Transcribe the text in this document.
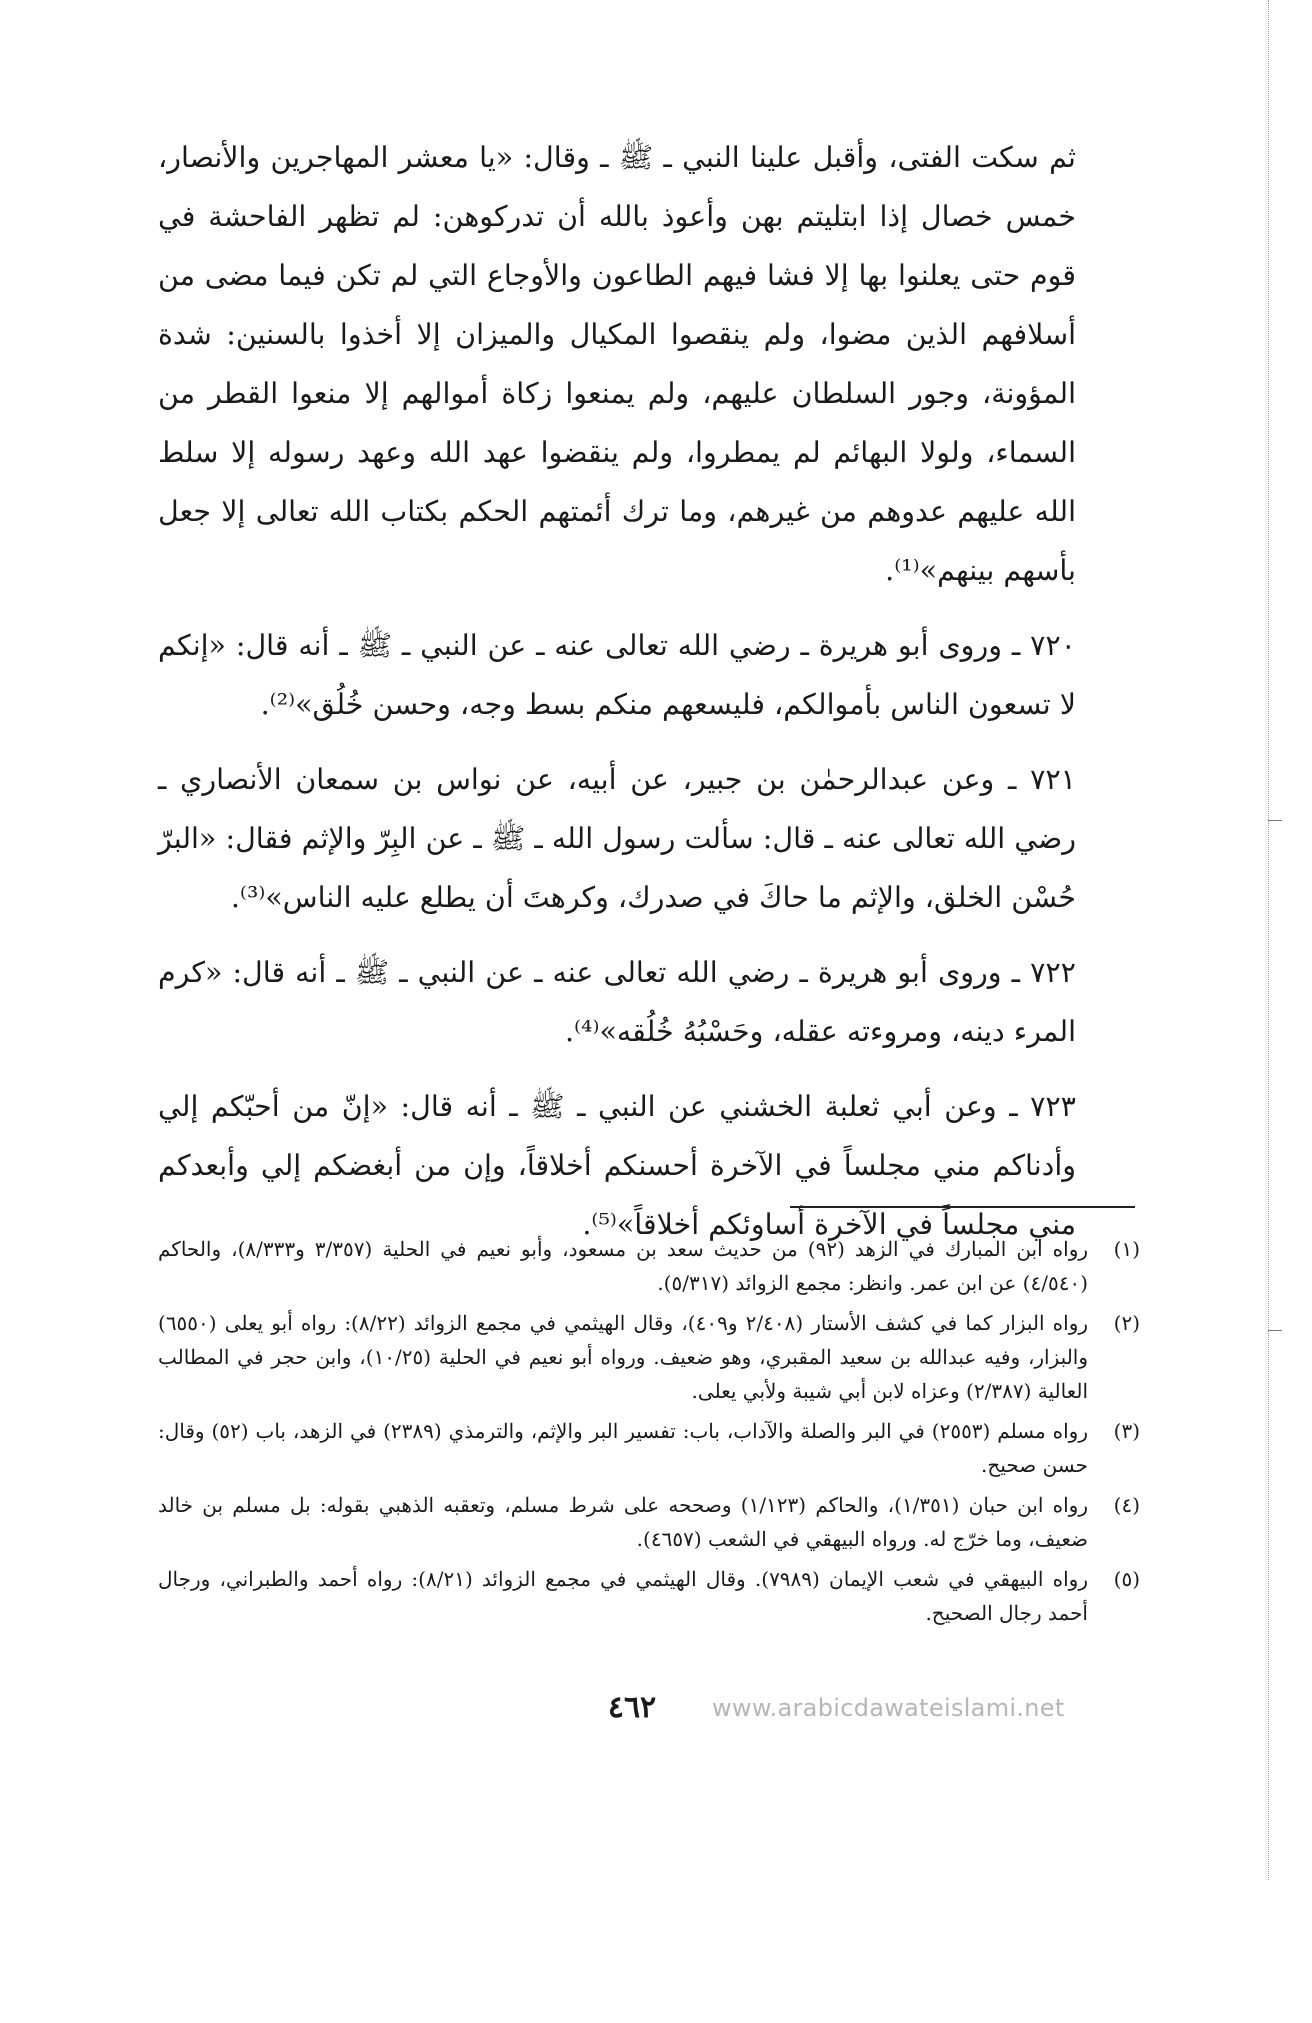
ثم سكت الفتى، وأقبل علينا النبي ـ ﷺ ـ وقال: «يا معشر المهاجرين والأنصار، خمس خصال إذا ابتليتم بهن وأعوذ بالله أن تدركوهن: لم تظهر الفاحشة في قوم حتى يعلنوا بها إلا فشا فيهم الطاعون والأوجاع التي لم تكن فيما مضى من أسلافهم الذين مضوا، ولم ينقصوا المكيال والميزان إلا أخذوا بالسنين: شدة المؤونة، وجور السلطان عليهم، ولم يمنعوا زكاة أموالهم إلا منعوا القطر من السماء، ولولا البهائم لم يمطروا، ولم ينقضوا عهد الله وعهد رسوله إلا سلط الله عليهم عدوهم من غيرهم، وما ترك أئمتهم الحكم بكتاب الله تعالى إلا جعل بأسهم بينهم»⁽¹⁾.

٧٢٠ ـ وروى أبو هريرة ـ رضي الله تعالى عنه ـ عن النبي ـ ﷺ ـ أنه قال: «إنكم لا تسعون الناس بأموالكم، فليسعهم منكم بسط وجه، وحسن خُلُق»⁽²⁾.

٧٢١ ـ وعن عبدالرحمٰن بن جبير، عن أبيه، عن نواس بن سمعان الأنصاري ـ رضي الله تعالى عنه ـ قال: سألت رسول الله ـ ﷺ ـ عن البِرّ والإثم فقال: «البرّ حُسْن الخلق، والإثم ما حاكَ في صدرك، وكرهتَ أن يطلع عليه الناس»⁽³⁾.

٧٢٢ ـ وروى أبو هريرة ـ رضي الله تعالى عنه ـ عن النبي ـ ﷺ ـ أنه قال: «كرم المرء دينه، ومروءته عقله، وحَسْبُهُ خُلُقه»⁽⁴⁾.

٧٢٣ ـ وعن أبي ثعلبة الخشني عن النبي ـ ﷺ ـ أنه قال: «إنّ من أحبّكم إلي وأدناكم مني مجلساً في الآخرة أحسنكم أخلاقاً، وإن من أبغضكم إلي وأبعدكم مني مجلساً في الآخرة أساوئكم أخلاقاً»⁽⁵⁾.

(١)
رواه ابن المبارك في الزهد (٩٢) من حديث سعد بن مسعود، وأبو نعيم في الحلية (٣/٣٥٧ و٨/٣٣٣)، والحاكم (٤/٥٤٠) عن ابن عمر. وانظر: مجمع الزوائد (٥/٣١٧).
(٢)
رواه البزار كما في كشف الأستار (٢/٤٠٨ و٤٠٩)، وقال الهيثمي في مجمع الزوائد (٨/٢٢): رواه أبو يعلى (٦٥٥٠) والبزار، وفيه عبدالله بن سعيد المقبري، وهو ضعيف. ورواه أبو نعيم في الحلية (١٠/٢٥)، وابن حجر في المطالب العالية (٢/٣٨٧) وعزاه لابن أبي شيبة ولأبي يعلى.
(٣)
رواه مسلم (٢٥٥٣) في البر والصلة والآداب، باب: تفسير البر والإثم، والترمذي (٢٣٨٩) في الزهد، باب (٥٢) وقال: حسن صحيح.
(٤)
رواه ابن حبان (١/٣٥١)، والحاكم (١/١٢٣) وصححه على شرط مسلم، وتعقبه الذهبي بقوله: بل مسلم بن خالد ضعيف، وما خرّج له. ورواه البيهقي في الشعب (٤٦٥٧).
(٥)
رواه البيهقي في شعب الإيمان (٧٩٨٩). وقال الهيثمي في مجمع الزوائد (٨/٢١): رواه أحمد والطبراني، ورجال أحمد رجال الصحيح.
٤٦٢	www.arabicdawateislami.net
